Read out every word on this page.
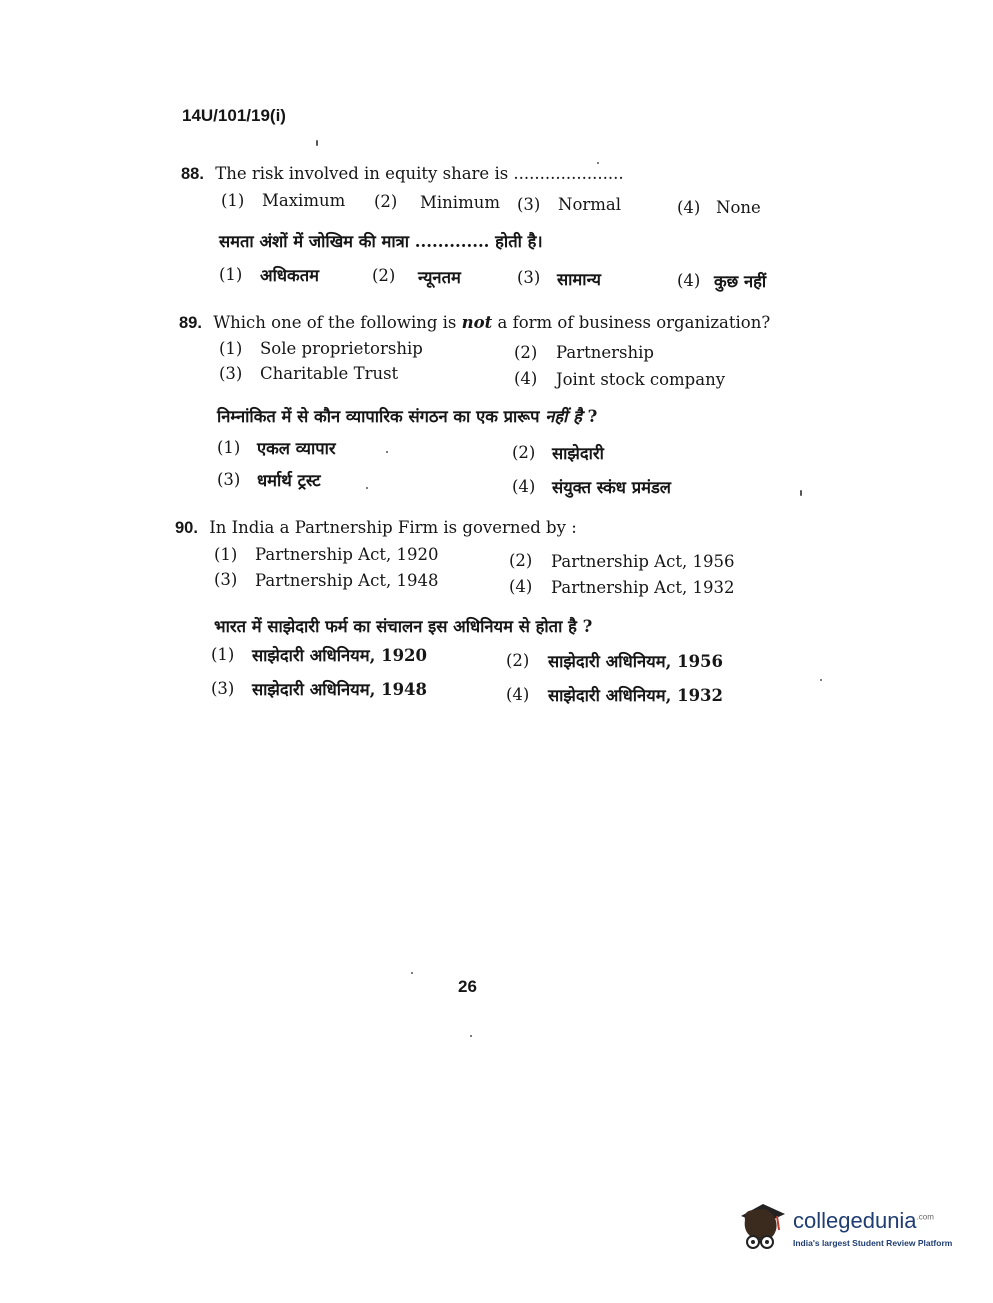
14U/101/19(i)
88. The risk involved in equity share is .....................
(1) Maximum (2) Minimum (3) Normal	(4) None
समता अंशों में जोखिम की मात्रा ............. होती है।
(1) अधिकतम	(2) न्यूनतम	(3) सामान्य	(4) कुछ नहीं
89. Which one of the following is not a form of business organization?
(1) Sole proprietorship	(2) Partnership
(3) Charitable Trust	(4) Joint stock company
निम्नांकित में से कौन व्यापारिक संगठन का एक प्रारूप नहीं है ?
(1) एकल व्यापार	(2) साझेदारी
(3) धर्मार्थ ट्रस्ट	(4) संयुक्त स्कंध प्रमंडल
90. In India a Partnership Firm is governed by :
(1) Partnership Act, 1920	(2) Partnership Act, 1956
(3) Partnership Act, 1948	(4) Partnership Act, 1932
भारत में साझेदारी फर्म का संचालन इस अधिनियम से होता है ?
(1) साझेदारी अधिनियम, 1920	(2) साझेदारी अधिनियम, 1956
(3) साझेदारी अधिनियम, 1948	(4) साझेदारी अधिनियम, 1932
26
collegedunia$^{.com}$
India's largest Student Review Platform
